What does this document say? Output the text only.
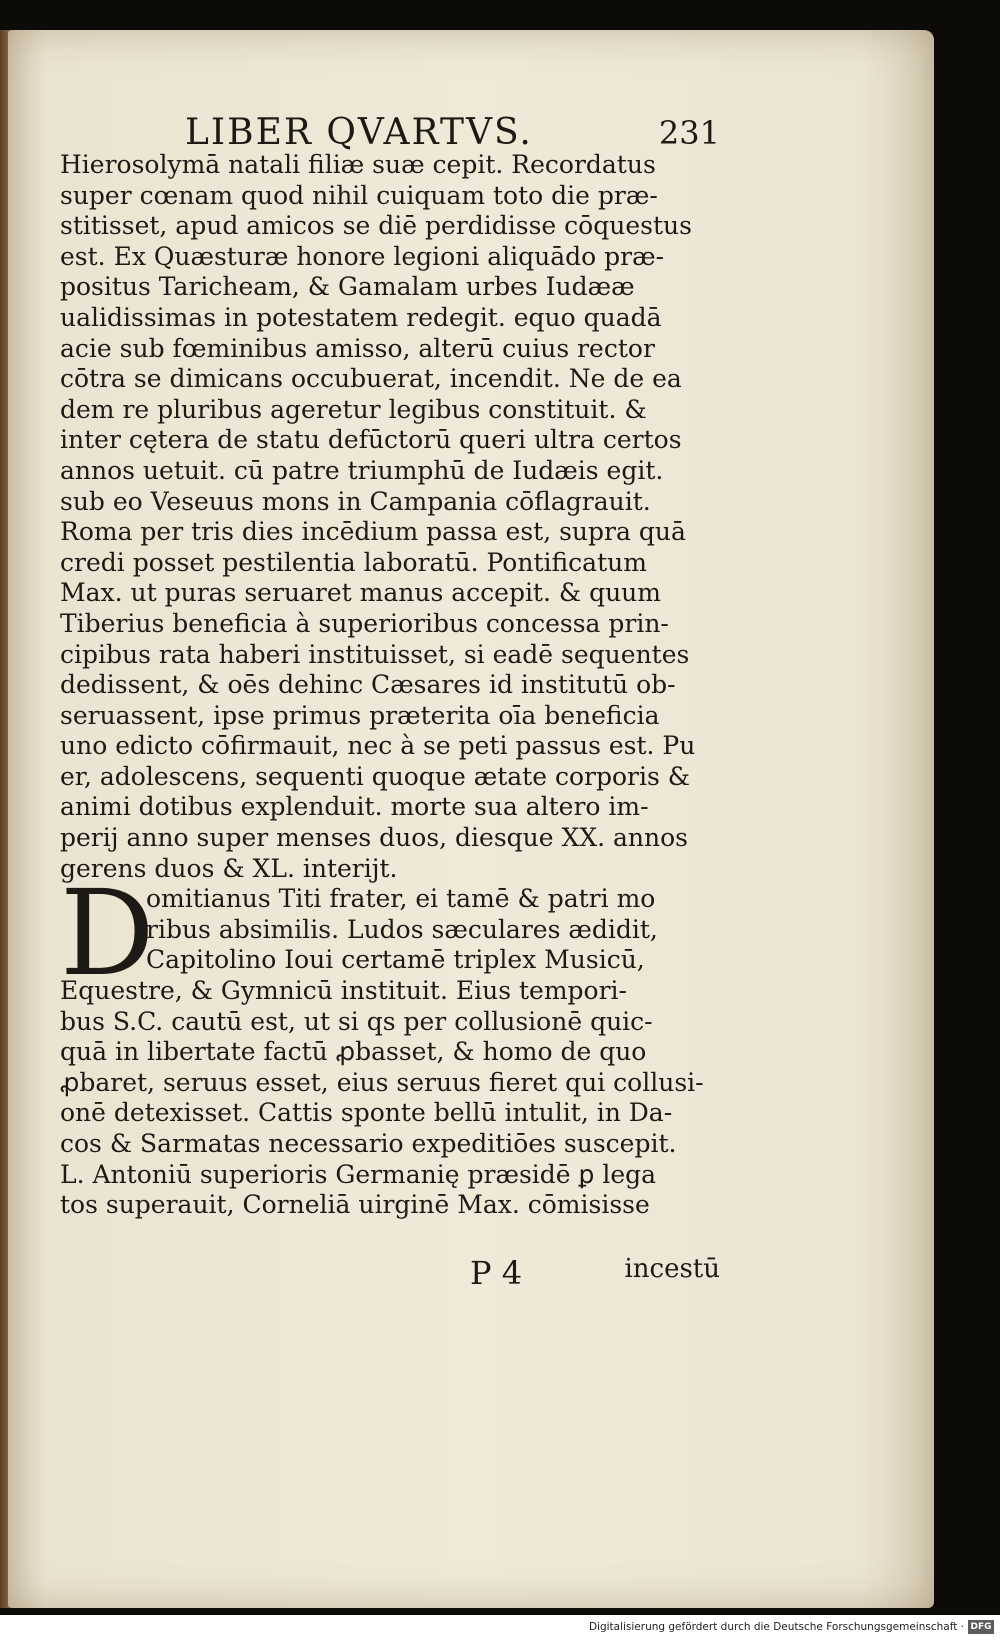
LIBER QVARTVS.	231
Hierosolymā natali filiæ suæ cepit. Recordatus
super cœnam quod nihil cuiquam toto die præ-
stitisset, apud amicos se diē perdidisse cōquestus
est. Ex Quæsturæ honore legioni aliquādo præ-
positus Taricheam, & Gamalam urbes Iudææ
ualidissimas in potestatem redegit. equo quadā
acie sub fœminibus amisso, alterū cuius rector
cōtra se dimicans occubuerat, incendit. Ne de ea
dem re pluribus ageretur legibus constituit. &
inter cętera de statu defūctorū queri ultra certos
annos uetuit. cū patre triumphū de Iudæis egit.
sub eo Veseuus mons in Campania cōflagrauit.
Roma per tris dies incēdium passa est, supra quā
credi posset pestilentia laboratū. Pontificatum
Max. ut puras seruaret manus accepit. & quum
Tiberius beneficia à superioribus concessa prin-
cipibus rata haberi instituisset, si eadē sequentes
dedissent, & oēs dehinc Cæsares id institutū ob-
seruassent, ipse primus præterita oīa beneficia
uno edicto cōfirmauit, nec à se peti passus est. Pu
er, adolescens, sequenti quoque ætate corporis &
animi dotibus explenduit. morte sua altero im-
perij anno super menses duos, diesque XX. annos
gerens duos & XL. interijt.
D
omitianus Titi frater, ei tamē & patri mo
ribus absimilis. Ludos sæculares ædidit,
Capitolino Ioui certamē triplex Musicū,
Equestre, & Gymnicū instituit. Eius tempori-
bus S.C. cautū est, ut si qs per collusionē quic-
quā in libertate factū ꝓbasset, & homo de quo
ꝓbaret, seruus esset, eius seruus fieret qui collusi-
onē detexisset. Cattis sponte bellū intulit, in Da-
cos & Sarmatas necessario expeditiōes suscepit.
L. Antoniū superioris Germanię præsidē ꝑ lega
tos superauit, Corneliā uirginē Max. cōmisisse
P 4	incestū
Digitalisierung gefördert durch die Deutsche Forschungsgemeinschaft · DFG
